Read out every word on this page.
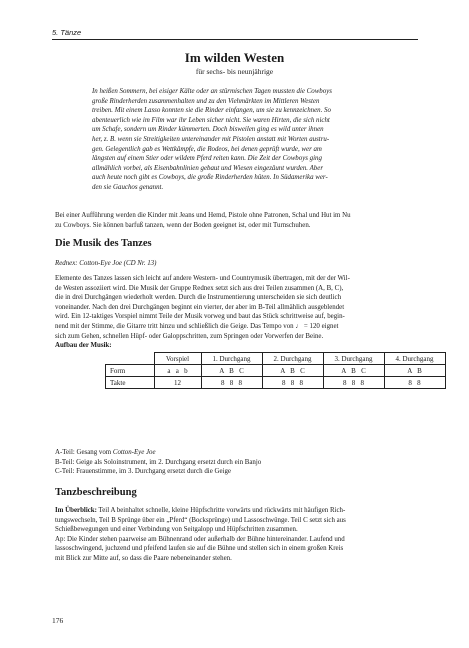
5. Tänze
Im wilden Westen
für sechs- bis neunjährige
In heißen Sommern, bei eisiger Kälte oder an stürmischen Tagen mussten die Cowboys
große Rinderherden zusammenhalten und zu den Viehmärkten im Mittleren Westen
treiben. Mit einem Lasso konnten sie die Rinder einfangen, um sie zu kennzeichnen. So
abenteuerlich wie im Film war ihr Leben sicher nicht. Sie waren Hirten, die sich nicht
um Schafe, sondern um Rinder kümmerten. Doch bisweilen ging es wild unter ihnen
her, z. B. wenn sie Streitigkeiten untereinander mit Pistolen anstatt mit Worten austru-
gen. Gelegentlich gab es Wettkämpfe, die Rodeos, bei denen geprüft wurde, wer am
längsten auf einem Stier oder wildem Pferd reiten kann. Die Zeit der Cowboys ging
allmählich vorbei, als Eisenbahnlinien gebaut und Wiesen eingezäunt wurden. Aber
auch heute noch gibt es Cowboys, die große Rinderherden hüten. In Südamerika wer-
den sie Gauchos genannt.
Bei einer Aufführung werden die Kinder mit Jeans und Hemd, Pistole ohne Patronen, Schal und Hut im Nu
zu Cowboys. Sie können barfuß tanzen, wenn der Boden geeignet ist, oder mit Turnschuhen.
Die Musik des Tanzes
Rednex: Cotton-Eye Joe (CD Nr. 13)
Elemente des Tanzes lassen sich leicht auf andere Western- und Countrymusik übertragen, mit der der Wil-
de Westen assoziiert wird. Die Musik der Gruppe Rednex setzt sich aus drei Teilen zusammen (A, B, C),
die in drei Durchgängen wiederholt werden. Durch die Instrumentierung unterscheiden sie sich deutlich
voneinander. Nach den drei Durchgängen beginnt ein vierter, der aber im B-Teil allmählich ausgeblendet
wird. Ein 12-taktiges Vorspiel nimmt Teile der Musik vorweg und baut das Stück schrittweise auf, begin-
nend mit der Stimme, die Gitarre tritt hinzu und schließlich die Geige. Das Tempo von ♩ = 120 eignet
sich zum Gehen, schnellen Hüpf- oder Galoppschritten, zum Springen oder Vorwerfen der Beine.
Aufbau der Musik:
	Vorspiel	1. Durchgang	2. Durchgang	3. Durchgang	4. Durchgang
Form	a   a   b	A   B   C	A   B   C	A   B   C	A   B
Takte	12	8   8   8	8   8   8	8   8   8	8   8
A-Teil: Gesang vom Cotton-Eye Joe
B-Teil: Geige als Soloinstrument, im 2. Durchgang ersetzt durch ein Banjo
C-Teil: Frauenstimme, im 3. Durchgang ersetzt durch die Geige
Tanzbeschreibung
Im Überblick: Teil A beinhaltet schnelle, kleine Hüpfschritte vorwärts und rückwärts mit häufigen Rich-
tungswechseln, Teil B Sprünge über ein „Pferd“ (Bocksprünge) und Lassoschwünge. Teil C setzt sich aus
Schießbewegungen und einer Verbindung von Seitgalopp und Hüpfschritten zusammen.
Ap: Die Kinder stehen paarweise am Bühnenrand oder außerhalb der Bühne hintereinander. Laufend und
lassoschwingend, juchzend und pfeifend laufen sie auf die Bühne und stellen sich in einem großen Kreis
mit Blick zur Mitte auf, so dass die Paare nebeneinander stehen.
176
